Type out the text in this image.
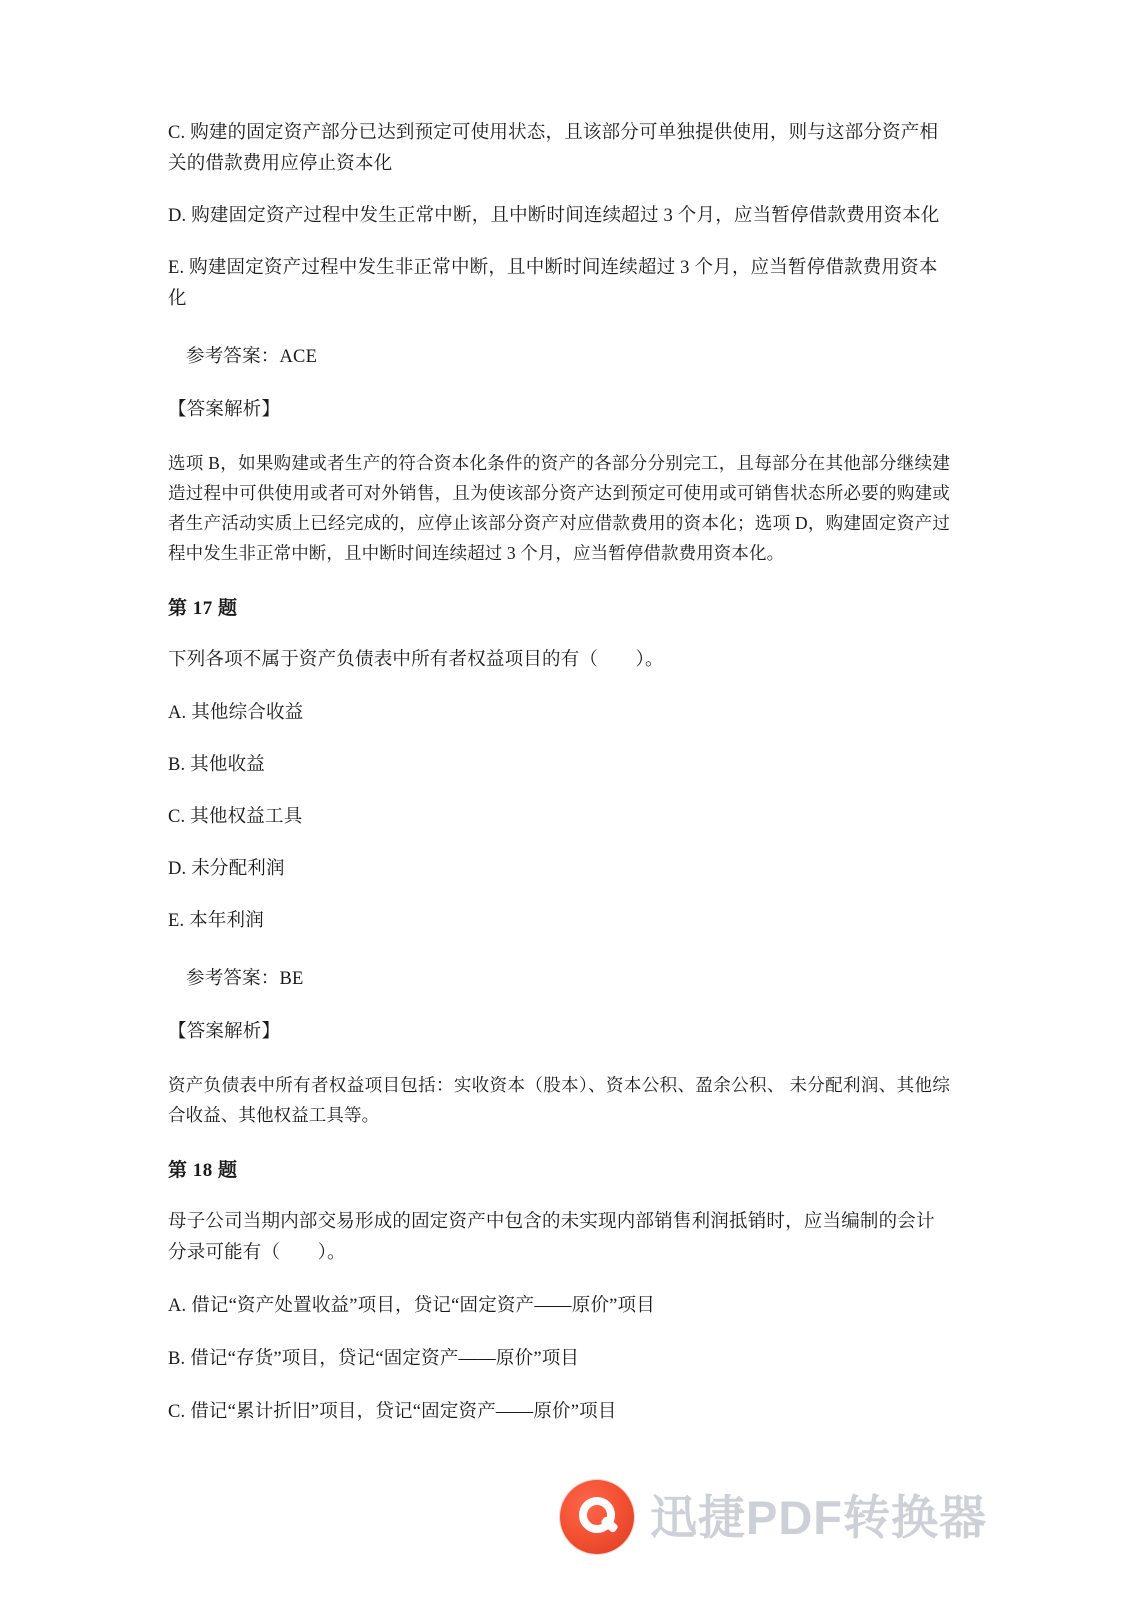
C. 购建的固定资产部分已达到预定可使用状态，且该部分可单独提供使用，则与这部分资产相关的借款费用应停止资本化

D. 购建固定资产过程中发生正常中断，且中断时间连续超过 3 个月，应当暂停借款费用资本化

E. 购建固定资产过程中发生非正常中断，且中断时间连续超过 3 个月，应当暂停借款费用资本化

参考答案：ACE

【答案解析】

选项 B，如果购建或者生产的符合资本化条件的资产的各部分分别完工，且每部分在其他部分继续建造过程中可供使用或者可对外销售，且为使该部分资产达到预定可使用或可销售状态所必要的购建或者生产活动实质上已经完成的，应停止该部分资产对应借款费用的资本化；选项 D，购建固定资产过程中发生非正常中断，且中断时间连续超过 3 个月，应当暂停借款费用资本化。

第 17 题

下列各项不属于资产负债表中所有者权益项目的有（　　）。

A. 其他综合收益

B. 其他收益

C. 其他权益工具

D. 未分配利润

E. 本年利润

参考答案：BE

【答案解析】

资产负债表中所有者权益项目包括：实收资本（股本）、资本公积、盈余公积、 未分配利润、其他综合收益、其他权益工具等。

第 18 题

母子公司当期内部交易形成的固定资产中包含的未实现内部销售利润抵销时，应当编制的会计分录可能有（　　）。

A. 借记“资产处置收益”项目，贷记“固定资产——原价”项目

B. 借记“存货”项目，贷记“固定资产——原价”项目

C. 借记“累计折旧”项目，贷记“固定资产——原价”项目

迅捷PDF转换器
